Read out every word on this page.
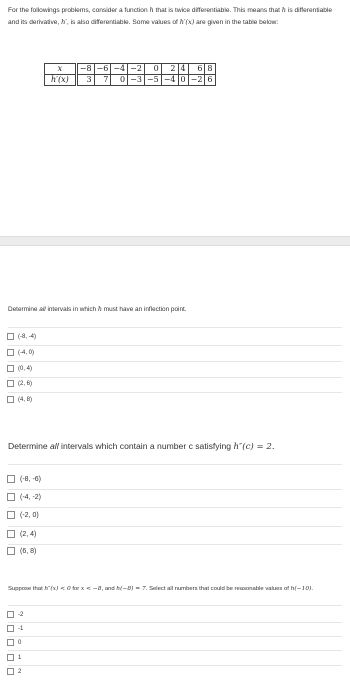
For the followings problems, consider a function h that is twice differentiable. This means that h is differentiable and its derivative, h′, is also differentiable. Some values of h′(x) are given in the table below:
x	−8	−6	−4	−2	0	2	4	6	8
h′(x)	3	7	0	−3	−5	−4	0	−2	6
Determine all intervals in which h must have an inflection point.
(-8, -4)
(-4, 0)
(0, 4)
(2, 6)
(4, 8)
Determine all intervals which contain a number c satisfying h″(c) = 2.
(-8, -6)
(-4, -2)
(-2, 0)
(2, 4)
(6, 8)
Suppose that h″(x) < 0 for x < −8, and h(−8) = 7. Select all numbers that could be reasonable values of h(−10).
-2
-1
0
1
2
